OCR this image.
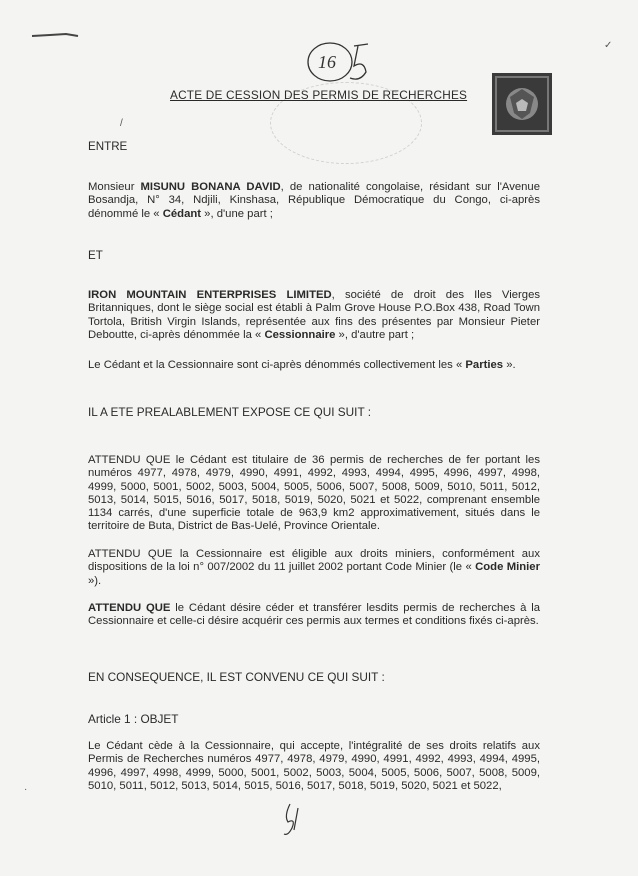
16
ACTE DE CESSION DES PERMIS DE RECHERCHES
ENTRE
Monsieur MISUNU BONANA DAVID, de nationalité congolaise, résidant sur l'Avenue Bosandja, N° 34, Ndjili, Kinshasa, République Démocratique du Congo, ci-après dénommé le « Cédant », d'une part ;
ET
IRON MOUNTAIN ENTERPRISES LIMITED, société de droit des Iles Vierges Britanniques, dont le siège social est établi à Palm Grove House P.O.Box 438, Road Town Tortola, British Virgin Islands, représentée aux fins des présentes par Monsieur Pieter Deboutte, ci-après dénommée la « Cessionnaire », d'autre part ;
Le Cédant et la Cessionnaire sont ci-après dénommés collectivement les « Parties ».
IL A ETE PREALABLEMENT EXPOSE CE QUI SUIT :
ATTENDU QUE le Cédant est titulaire de 36 permis de recherches de fer portant les numéros 4977, 4978, 4979, 4990, 4991, 4992, 4993, 4994, 4995, 4996, 4997, 4998, 4999, 5000, 5001, 5002, 5003, 5004, 5005, 5006, 5007, 5008, 5009, 5010, 5011, 5012, 5013, 5014, 5015, 5016, 5017, 5018, 5019, 5020, 5021 et 5022, comprenant ensemble 1134 carrés, d'une superficie totale de 963,9 km2 approximativement, situés dans le territoire de Buta, District de Bas-Uelé, Province Orientale.
ATTENDU QUE la Cessionnaire est éligible aux droits miniers, conformément aux dispositions de la loi n° 007/2002 du 11 juillet 2002 portant Code Minier (le « Code Minier »).
ATTENDU QUE le Cédant désire céder et transférer lesdits permis de recherches à la Cessionnaire et celle-ci désire acquérir ces permis aux termes et conditions fixés ci-après.
EN CONSEQUENCE, IL EST CONVENU CE QUI SUIT :
Article 1 : OBJET
Le Cédant cède à la Cessionnaire, qui accepte, l'intégralité de ses droits relatifs aux Permis de Recherches numéros 4977, 4978, 4979, 4990, 4991, 4992, 4993, 4994, 4995, 4996, 4997, 4998, 4999, 5000, 5001, 5002, 5003, 5004, 5005, 5006, 5007, 5008, 5009, 5010, 5011, 5012, 5013, 5014, 5015, 5016, 5017, 5018, 5019, 5020, 5021 et 5022,
✓
·
/
